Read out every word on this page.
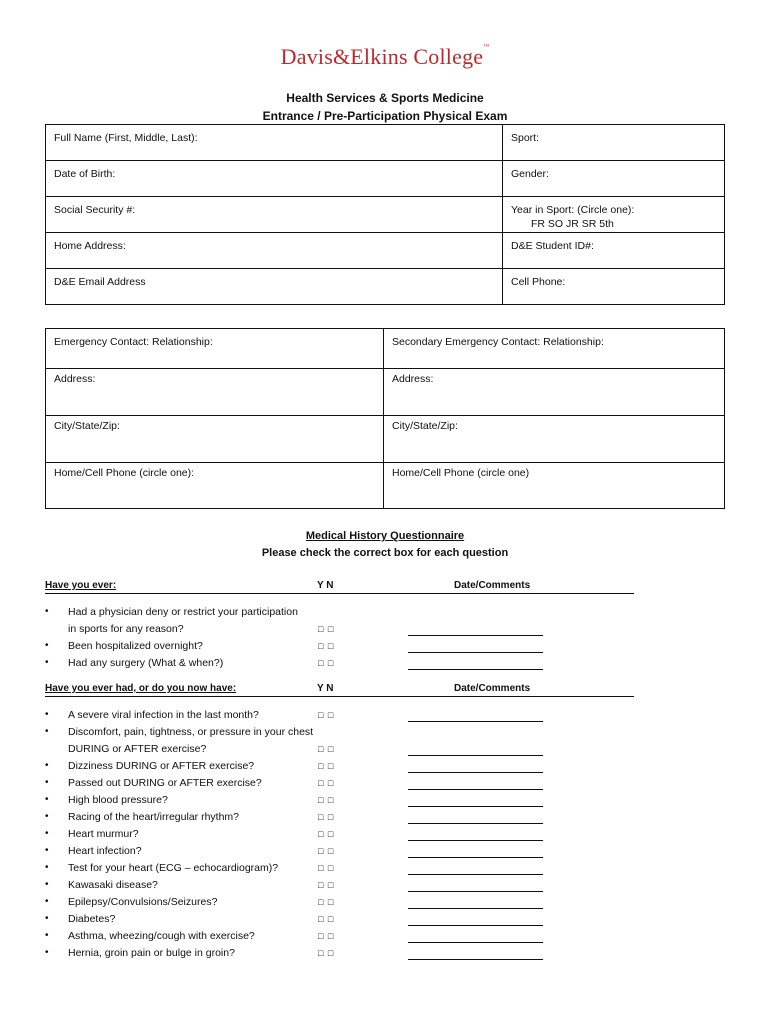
Davis&Elkins College™
Health Services & Sports Medicine
Entrance / Pre-Participation Physical Exam
Full Name (First, Middle, Last):	Sport:
Date of Birth:	Gender:
Social Security #:	Year in Sport: (Circle one):
FR SO JR SR 5th

Home Address:	D&E Student ID#:
D&E Email Address	Cell Phone:
Emergency Contact: Relationship:	Secondary Emergency Contact: Relationship:
Address:	Address:
City/State/Zip:	City/State/Zip:
Home/Cell Phone (circle one):	Home/Cell Phone (circle one)
Medical History Questionnaire
Please check the correct box for each question
Have you ever:	Y N	Date/Comments
Have you ever had, or do you now have:	Y N	Date/Comments
• Had a physician deny or restrict your participation
in sports for any reason?	□ □
• Been hospitalized overnight?	□ □
• Had any surgery (What & when?)	□ □
• A severe viral infection in the last month?	□ □
• Discomfort, pain, tightness, or pressure in your chest
DURING or AFTER exercise?	□ □
• Dizziness DURING or AFTER exercise?	□ □
• Passed out DURING or AFTER exercise?	□ □
• High blood pressure?	□ □
• Racing of the heart/irregular rhythm?	□ □
• Heart murmur?	□ □
• Heart infection?	□ □
• Test for your heart (ECG – echocardiogram)?	□ □
• Kawasaki disease?	□ □
• Epilepsy/Convulsions/Seizures?	□ □
• Diabetes?	□ □
• Asthma, wheezing/cough with exercise?	□ □
• Hernia, groin pain or bulge in groin?	□ □
